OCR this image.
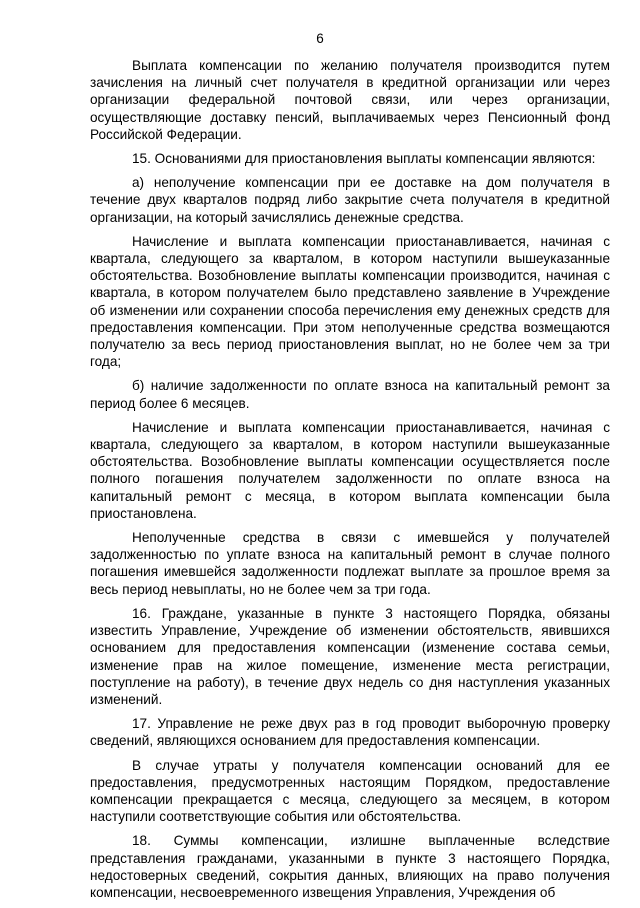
6

Выплата компенсации по желанию получателя производится путем зачисления на личный счет получателя в кредитной организации или через организации федеральной почтовой связи, или через организации, осуществляющие доставку пенсий, выплачиваемых через Пенсионный фонд Российской Федерации.

15. Основаниями для приостановления выплаты компенсации являются:

а) неполучение компенсации при ее доставке на дом получателя в течение двух кварталов подряд либо закрытие счета получателя в кредитной организации, на который зачислялись денежные средства.

Начисление и выплата компенсации приостанавливается, начиная с квартала, следующего за кварталом, в котором наступили вышеуказанные обстоятельства. Возобновление выплаты компенсации производится, начиная с квартала, в котором получателем было представлено заявление в Учреждение об изменении или сохранении способа перечисления ему денежных средств для предоставления компенсации. При этом неполученные средства возмещаются получателю за весь период приостановления выплат, но не более чем за три года;

б) наличие задолженности по оплате взноса на капитальный ремонт за период более 6 месяцев.

Начисление и выплата компенсации приостанавливается, начиная с квартала, следующего за кварталом, в котором наступили вышеуказанные обстоятельства. Возобновление выплаты компенсации осуществляется после полного погашения получателем задолженности по оплате взноса на капитальный ремонт с месяца, в котором выплата компенсации была приостановлена.

Неполученные средства в связи с имевшейся у получателей задолженностью по уплате взноса на капитальный ремонт в случае полного погашения имевшейся задолженности подлежат выплате за прошлое время за весь период невыплаты, но не более чем за три года.

16. Граждане, указанные в пункте 3 настоящего Порядка, обязаны известить Управление, Учреждение об изменении обстоятельств, явившихся основанием для предоставления компенсации (изменение состава семьи, изменение прав на жилое помещение, изменение места регистрации, поступление на работу), в течение двух недель со дня наступления указанных изменений.

17. Управление не реже двух раз в год проводит выборочную проверку сведений, являющихся основанием для предоставления компенсации.

В случае утраты у получателя компенсации оснований для ее предоставления, предусмотренных настоящим Порядком, предоставление компенсации прекращается с месяца, следующего за месяцем, в котором наступили соответствующие события или обстоятельства.

18. Суммы компенсации, излишне выплаченные вследствие представления гражданами, указанными в пункте 3 настоящего Порядка, недостоверных сведений, сокрытия данных, влияющих на право получения компенсации, несвоевременного извещения Управления, Учреждения об
